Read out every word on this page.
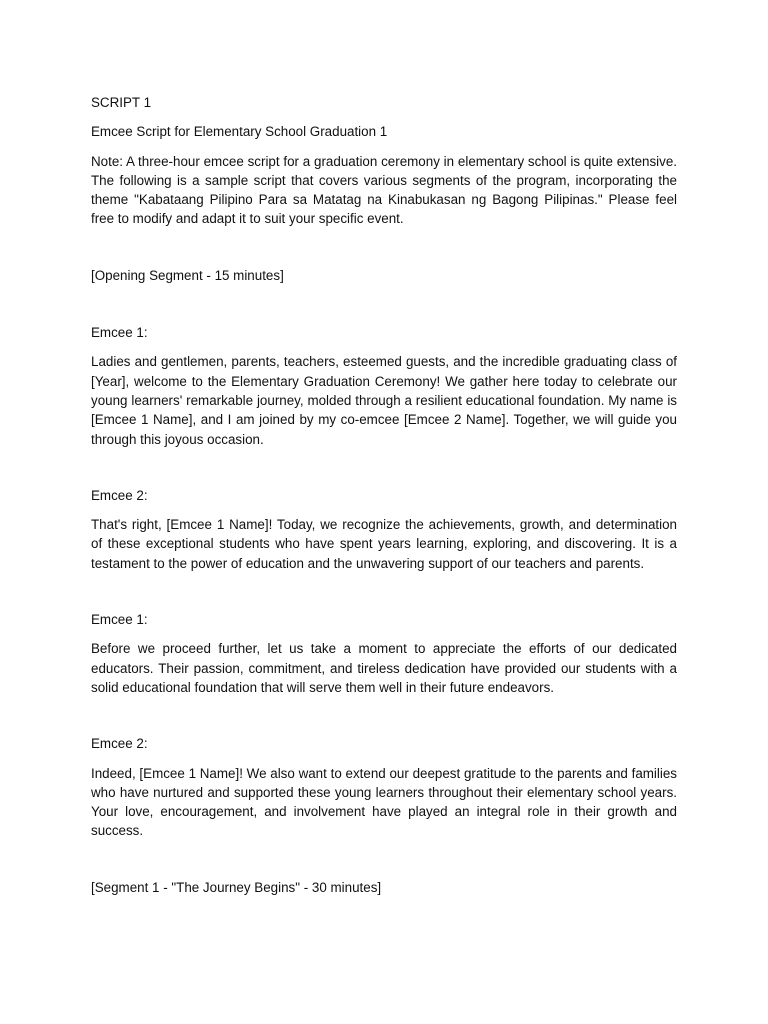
SCRIPT 1

Emcee Script for Elementary School Graduation 1

Note: A three-hour emcee script for a graduation ceremony in elementary school is quite extensive. The following is a sample script that covers various segments of the program, incorporating the theme "Kabataang Pilipino Para sa Matatag na Kinabukasan ng Bagong Pilipinas." Please feel free to modify and adapt it to suit your specific event.

[Opening Segment - 15 minutes]

Emcee 1:

Ladies and gentlemen, parents, teachers, esteemed guests, and the incredible graduating class of [Year], welcome to the Elementary Graduation Ceremony! We gather here today to celebrate our young learners' remarkable journey, molded through a resilient educational foundation. My name is [Emcee 1 Name], and I am joined by my co-emcee [Emcee 2 Name]. Together, we will guide you through this joyous occasion.

Emcee 2:

That's right, [Emcee 1 Name]! Today, we recognize the achievements, growth, and determination of these exceptional students who have spent years learning, exploring, and discovering. It is a testament to the power of education and the unwavering support of our teachers and parents.

Emcee 1:

Before we proceed further, let us take a moment to appreciate the efforts of our dedicated educators. Their passion, commitment, and tireless dedication have provided our students with a solid educational foundation that will serve them well in their future endeavors.

Emcee 2:

Indeed, [Emcee 1 Name]! We also want to extend our deepest gratitude to the parents and families who have nurtured and supported these young learners throughout their elementary school years. Your love, encouragement, and involvement have played an integral role in their growth and success.

[Segment 1 - "The Journey Begins" - 30 minutes]
